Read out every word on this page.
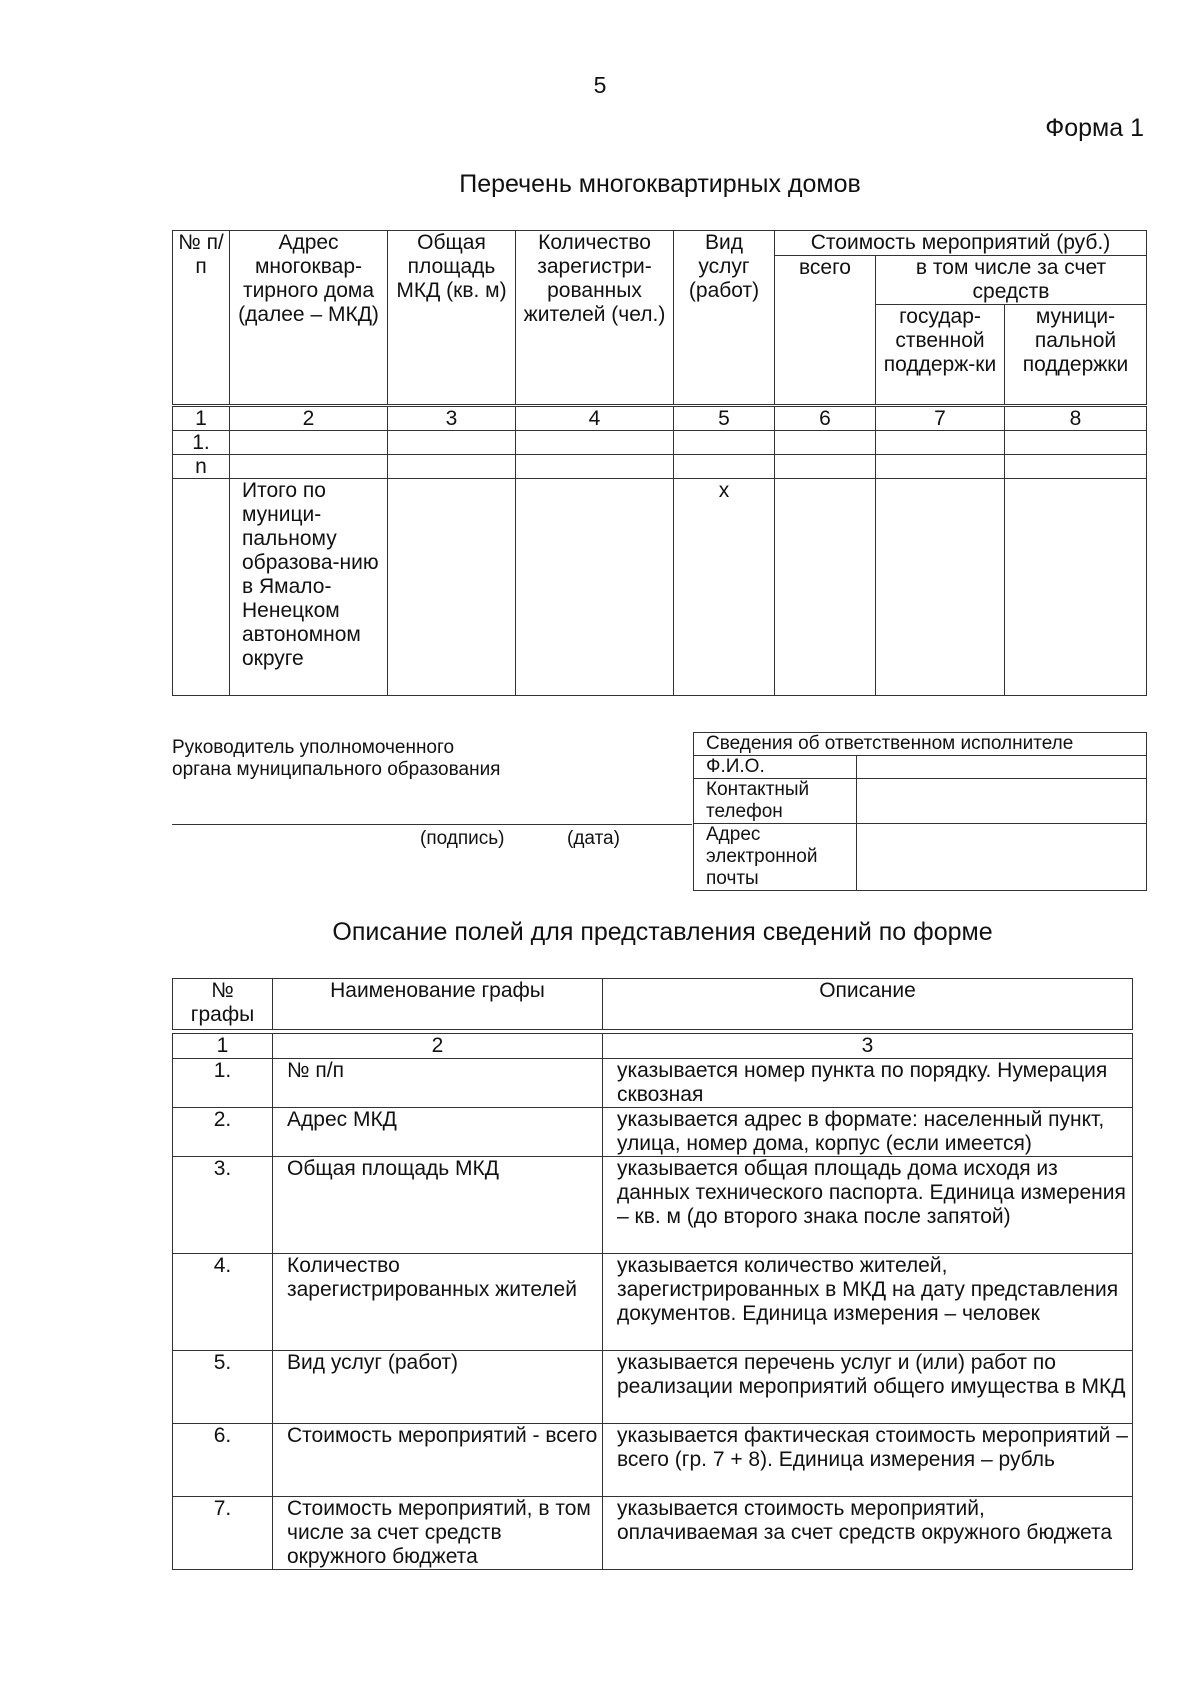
5
Форма 1
Перечень многоквартирных домов
№ п/п	Адрес многоквар-тирного дома (далее – МКД)	Общая площадь МКД (кв. м)	Количество зарегистри-рованных жителей (чел.)	Вид услуг (работ)	Стоимость мероприятий (руб.)		
					всего	в том числе за счет средств	
						государ-ственной поддерж-ки	муници-пальной поддержки
1	2	3	4	5	6	7	8
1.							
n							
	Итого по муници-пальному образова-нию в Ямало-Ненецком автономном округе			x			
Руководитель уполномоченного органа муниципального образования
(подпись)	(дата)
Сведения об ответственном исполнителе	
Ф.И.О.	
Контактный телефон	
Адрес электронной почты	
Описание полей для представления сведений по форме
№ графы	Наименование графы	Описание
1	2	3
1.	№ п/п	указывается номер пункта по порядку. Нумерация сквозная
2.	Адрес МКД	указывается адрес в формате: населенный пункт, улица, номер дома, корпус (если имеется)
3.	Общая площадь МКД	указывается общая площадь дома исходя из данных технического паспорта. Единица измерения – кв. м (до второго знака после запятой)
4.	Количество зарегистрированных жителей	указывается количество жителей, зарегистрированных в МКД на дату представления документов. Единица измерения – человек
5.	Вид услуг (работ)	указывается перечень услуг и (или) работ по реализации мероприятий общего имущества в МКД
6.	Стоимость мероприятий - всего	указывается фактическая стоимость мероприятий – всего (гр. 7 + 8). Единица измерения – рубль
7.	Стоимость мероприятий, в том числе за счет средств окружного бюджета	указывается стоимость мероприятий, оплачиваемая за счет средств окружного бюджета
